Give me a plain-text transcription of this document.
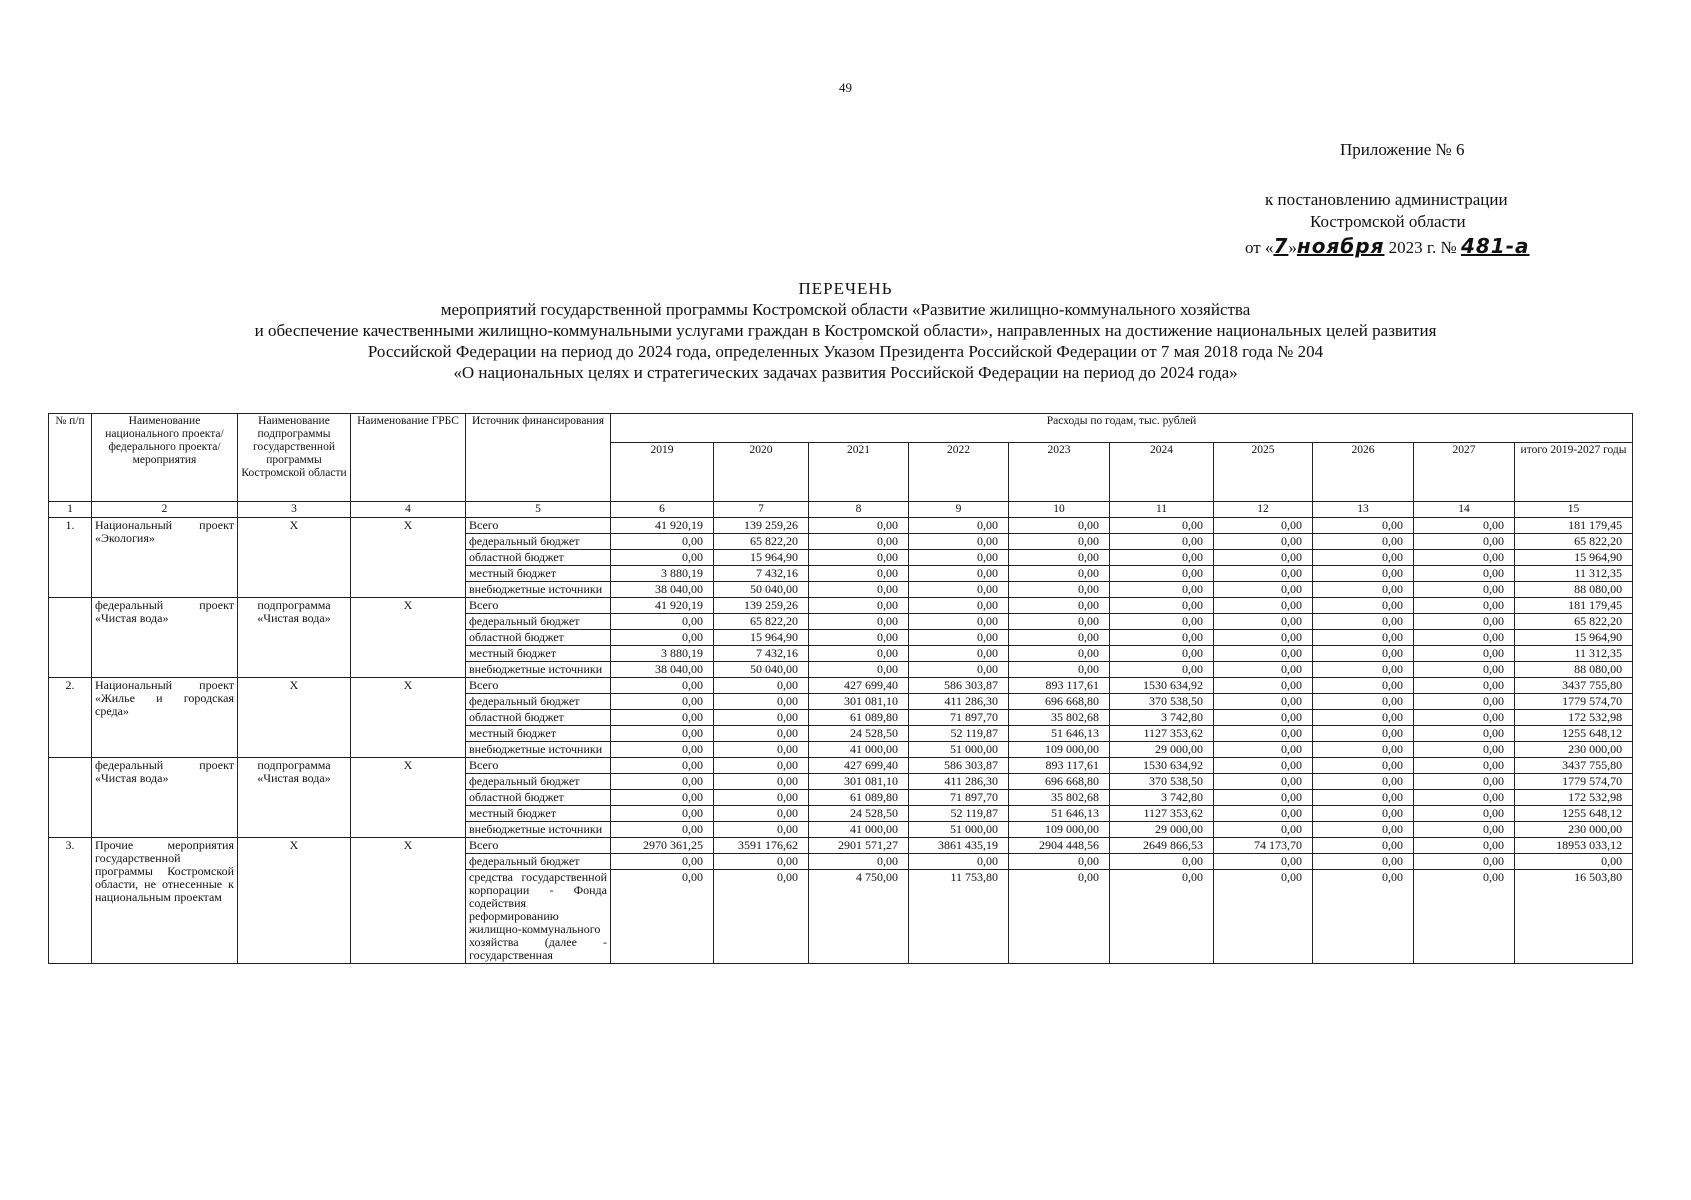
49
Приложение № 6
к постановлению администрации
Костромской области
от «7»ноября 2023 г. № 481-а
ПЕРЕЧЕНЬ
мероприятий государственной программы Костромской области «Развитие жилищно-коммунального хозяйства
и обеспечение качественными жилищно-коммунальными услугами граждан в Костромской области», направленных на достижение национальных целей развития
Российской Федерации на период до 2024 года, определенных Указом Президента Российской Федерации от 7 мая 2018 года № 204
«О национальных целях и стратегических задачах развития Российской Федерации на период до 2024 года»
№ п/п	Наименование национального проекта/ федерального проекта/мероприятия	Наименование подпрограммы государственной программы Костромской области	Наименование ГРБС	Источник финансирования	Расходы по годам, тыс. рублей									
					2019	2020	2021	2022	2023	2024	2025	2026	2027	итого 2019-2027 годы
1	2	3	4	5	6	7	8	9	10	11	12	13	14	15
1.	Национальный проект «Экология»	Х	Х	Всего	41 920,19	139 259,26	0,00	0,00	0,00	0,00	0,00	0,00	0,00	181 179,45
				федеральный бюджет	0,00	65 822,20	0,00	0,00	0,00	0,00	0,00	0,00	0,00	65 822,20
				областной бюджет	0,00	15 964,90	0,00	0,00	0,00	0,00	0,00	0,00	0,00	15 964,90
				местный бюджет	3 880,19	7 432,16	0,00	0,00	0,00	0,00	0,00	0,00	0,00	11 312,35
				внебюджетные источники	38 040,00	50 040,00	0,00	0,00	0,00	0,00	0,00	0,00	0,00	88 080,00
	федеральный проект «Чистая вода»	подпрограмма «Чистая вода»	Х	Всего	41 920,19	139 259,26	0,00	0,00	0,00	0,00	0,00	0,00	0,00	181 179,45
				федеральный бюджет	0,00	65 822,20	0,00	0,00	0,00	0,00	0,00	0,00	0,00	65 822,20
				областной бюджет	0,00	15 964,90	0,00	0,00	0,00	0,00	0,00	0,00	0,00	15 964,90
				местный бюджет	3 880,19	7 432,16	0,00	0,00	0,00	0,00	0,00	0,00	0,00	11 312,35
				внебюджетные источники	38 040,00	50 040,00	0,00	0,00	0,00	0,00	0,00	0,00	0,00	88 080,00
2.	Национальный проект «Жилье и городская среда»	Х	Х	Всего	0,00	0,00	427 699,40	586 303,87	893 117,61	1530 634,92	0,00	0,00	0,00	3437 755,80
				федеральный бюджет	0,00	0,00	301 081,10	411 286,30	696 668,80	370 538,50	0,00	0,00	0,00	1779 574,70
				областной бюджет	0,00	0,00	61 089,80	71 897,70	35 802,68	3 742,80	0,00	0,00	0,00	172 532,98
				местный бюджет	0,00	0,00	24 528,50	52 119,87	51 646,13	1127 353,62	0,00	0,00	0,00	1255 648,12
				внебюджетные источники	0,00	0,00	41 000,00	51 000,00	109 000,00	29 000,00	0,00	0,00	0,00	230 000,00
	федеральный проект «Чистая вода»	подпрограмма «Чистая вода»	Х	Всего	0,00	0,00	427 699,40	586 303,87	893 117,61	1530 634,92	0,00	0,00	0,00	3437 755,80
				федеральный бюджет	0,00	0,00	301 081,10	411 286,30	696 668,80	370 538,50	0,00	0,00	0,00	1779 574,70
				областной бюджет	0,00	0,00	61 089,80	71 897,70	35 802,68	3 742,80	0,00	0,00	0,00	172 532,98
				местный бюджет	0,00	0,00	24 528,50	52 119,87	51 646,13	1127 353,62	0,00	0,00	0,00	1255 648,12
				внебюджетные источники	0,00	0,00	41 000,00	51 000,00	109 000,00	29 000,00	0,00	0,00	0,00	230 000,00
3.	Прочие мероприятия государственной программы Костромской области, не отнесенные к национальным проектам	Х	Х	Всего	2970 361,25	3591 176,62	2901 571,27	3861 435,19	2904 448,56	2649 866,53	74 173,70	0,00	0,00	18953 033,12
				федеральный бюджет	0,00	0,00	0,00	0,00	0,00	0,00	0,00	0,00	0,00	0,00
				средства государственной корпорации - Фонда содействия реформированию жилищно-коммунального хозяйства (далее - государственная	0,00	0,00	4 750,00	11 753,80	0,00	0,00	0,00	0,00	0,00	16 503,80
